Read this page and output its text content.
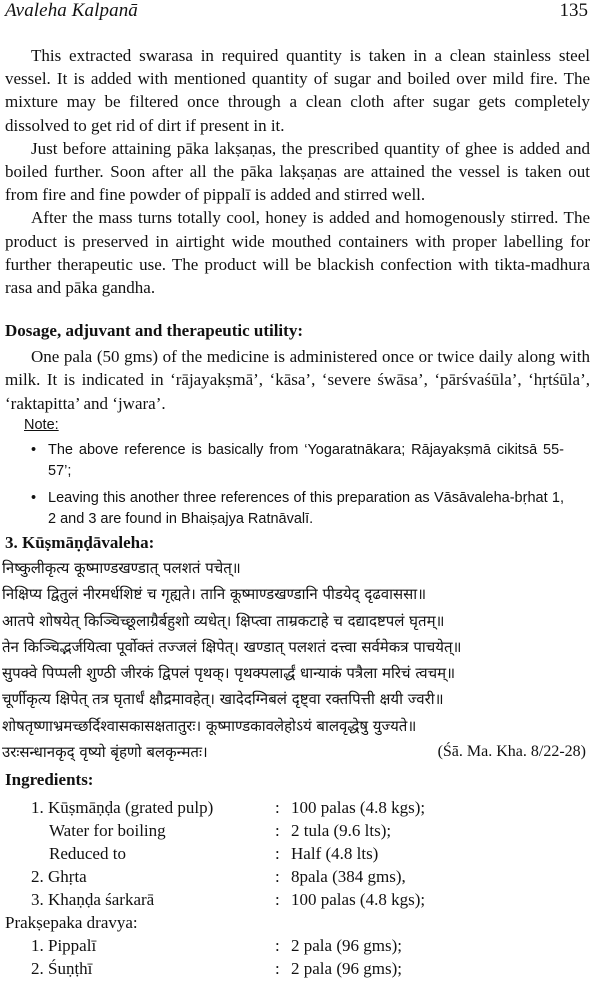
Avaleha Kalpanā	135

This extracted swarasa in required quantity is taken in a clean stainless steel vessel. It is added with mentioned quantity of sugar and boiled over mild fire. The mixture may be filtered once through a clean cloth after sugar gets completely dissolved to get rid of dirt if present in it.

Just before attaining pāka lakṣaṇas, the prescribed quantity of ghee is added and boiled further. Soon after all the pāka lakṣaṇas are attained the vessel is taken out from fire and fine powder of pippalī is added and stirred well.

After the mass turns totally cool, honey is added and homogenously stirred. The product is preserved in airtight wide mouthed containers with proper labelling for further therapeutic use. The product will be blackish confection with tikta-madhura rasa and pāka gandha.

Dosage, adjuvant and therapeutic utility:

One pala (50 gms) of the medicine is administered once or twice daily along with milk. It is indicated in ‘rājayakṣmā’, ‘kāsa’, ‘severe śwāsa’, ‘pārśvaśūla’, ‘hṛtśūla’, ‘raktapitta’ and ‘jwara’.

Note:
• The above reference is basically from ‘Yogaratnākara; Rājayakṣmā cikitsā 55-57’;
• Leaving this another three references of this preparation as Vāsāvaleha-bṛhat 1, 2 and 3 are found in Bhaiṣajya Ratnāvalī.

3. Kūṣmāṇḍāvaleha:

निष्कुलीकृत्य कूष्माण्डखण्डात् पलशतं पचेत्॥
निक्षिप्य द्वितुलं नीरमर्धशिष्टं च गृह्यते। तानि कूष्माण्डखण्डानि पीडयेद् दृढवाससा॥
आतपे शोषयेत् किञ्चिच्छूलाग्रैर्बहुशो व्यधेत्। क्षिप्त्वा ताम्रकटाहे च दद्यादष्टपलं घृतम्॥
तेन किञ्चिद्भर्जयित्वा पूर्वोक्तं तज्जलं क्षिपेत्। खण्डात् पलशतं दत्त्वा सर्वमेकत्र पाचयेत्॥
सुपक्वे पिप्पली शुण्ठी जीरकं द्विपलं पृथक्। पृथक्पलार्द्धं धान्याकं पत्रैला मरिचं त्वचम्॥
चूर्णीकृत्य क्षिपेत् तत्र घृतार्धं क्षौद्रमावहेत्। खादेदग्निबलं दृष्ट्वा रक्तपित्ती क्षयी ज्वरी॥
शोषतृष्णाभ्रमच्छर्दिश्वासकासक्षतातुरः। कूष्माण्डकावलेहोऽयं बालवृद्धेषु युज्यते॥
उरःसन्धानकृद् वृष्यो बृंहणो बलकृन्मतः।	(Śā. Ma. Kha. 8/22-28)
Ingredients:
1. Kūṣmāṇḍa (grated pulp)	: 100 palas (4.8 kgs);
Water for boiling	: 2 tula (9.6 lts);
Reduced to	: Half (4.8 lts)
2. Ghṛta	: 8pala (384 gms),
3. Khaṇḍa śarkarā	: 100 palas (4.8 kgs);
Prakṣepaka dravya:
1. Pippalī	: 2 pala (96 gms);
2. Śuṇṭhī	: 2 pala (96 gms);
